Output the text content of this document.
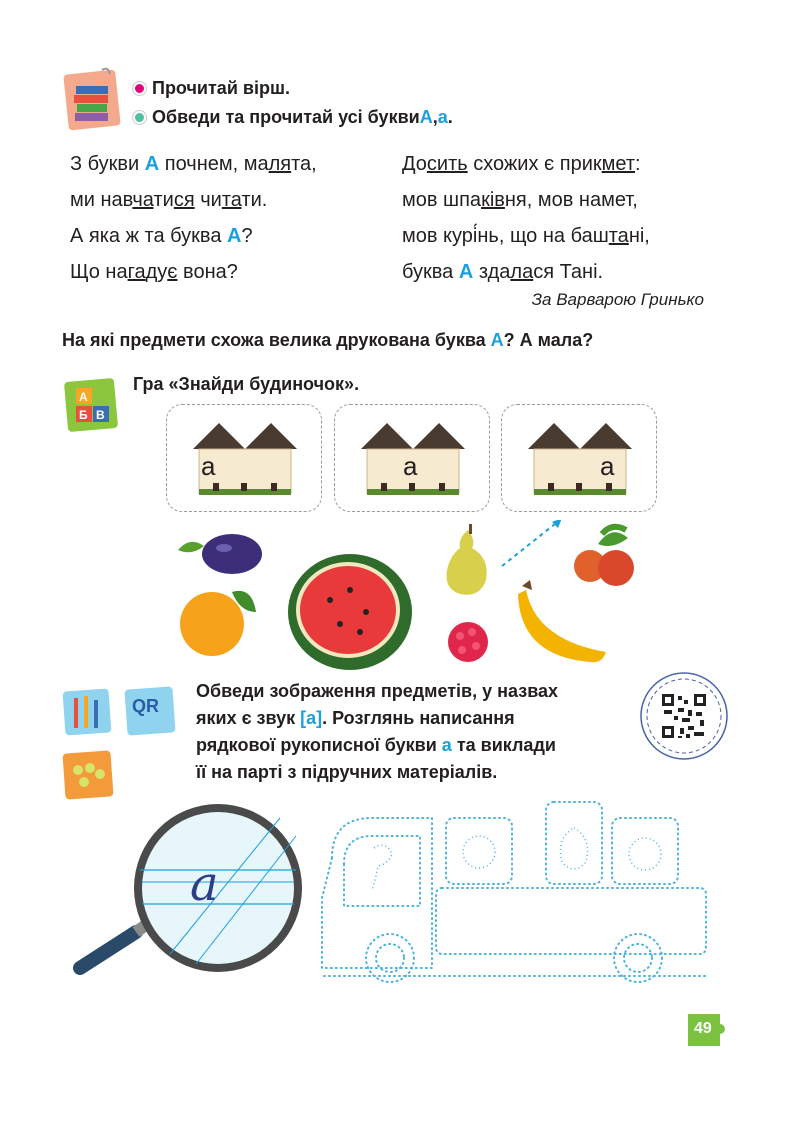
Прочитай вірш.
Обведи та прочитай усі букви А , а .
З букви А почнем, малята,
ми навчатися читати.
А яка ж та буква А?
Що нагадує вона?
Досить схожих є прикмет:
мов шпаківня, мов намет,
мов курі́нь, що на баштані,
буква А здалася Тані.
За Варварою Гринько
На які предмети схожа велика друкована буква А? А мала?
А
Б В
Гра «Знайди будиночок».
а	а	а
QR
Обведи зображення предметів, у назвах
яких є звук [а]. Розглянь написання
рядкової рукописної букви а та виклади
її на парті з підручних матеріалів.
a
49
